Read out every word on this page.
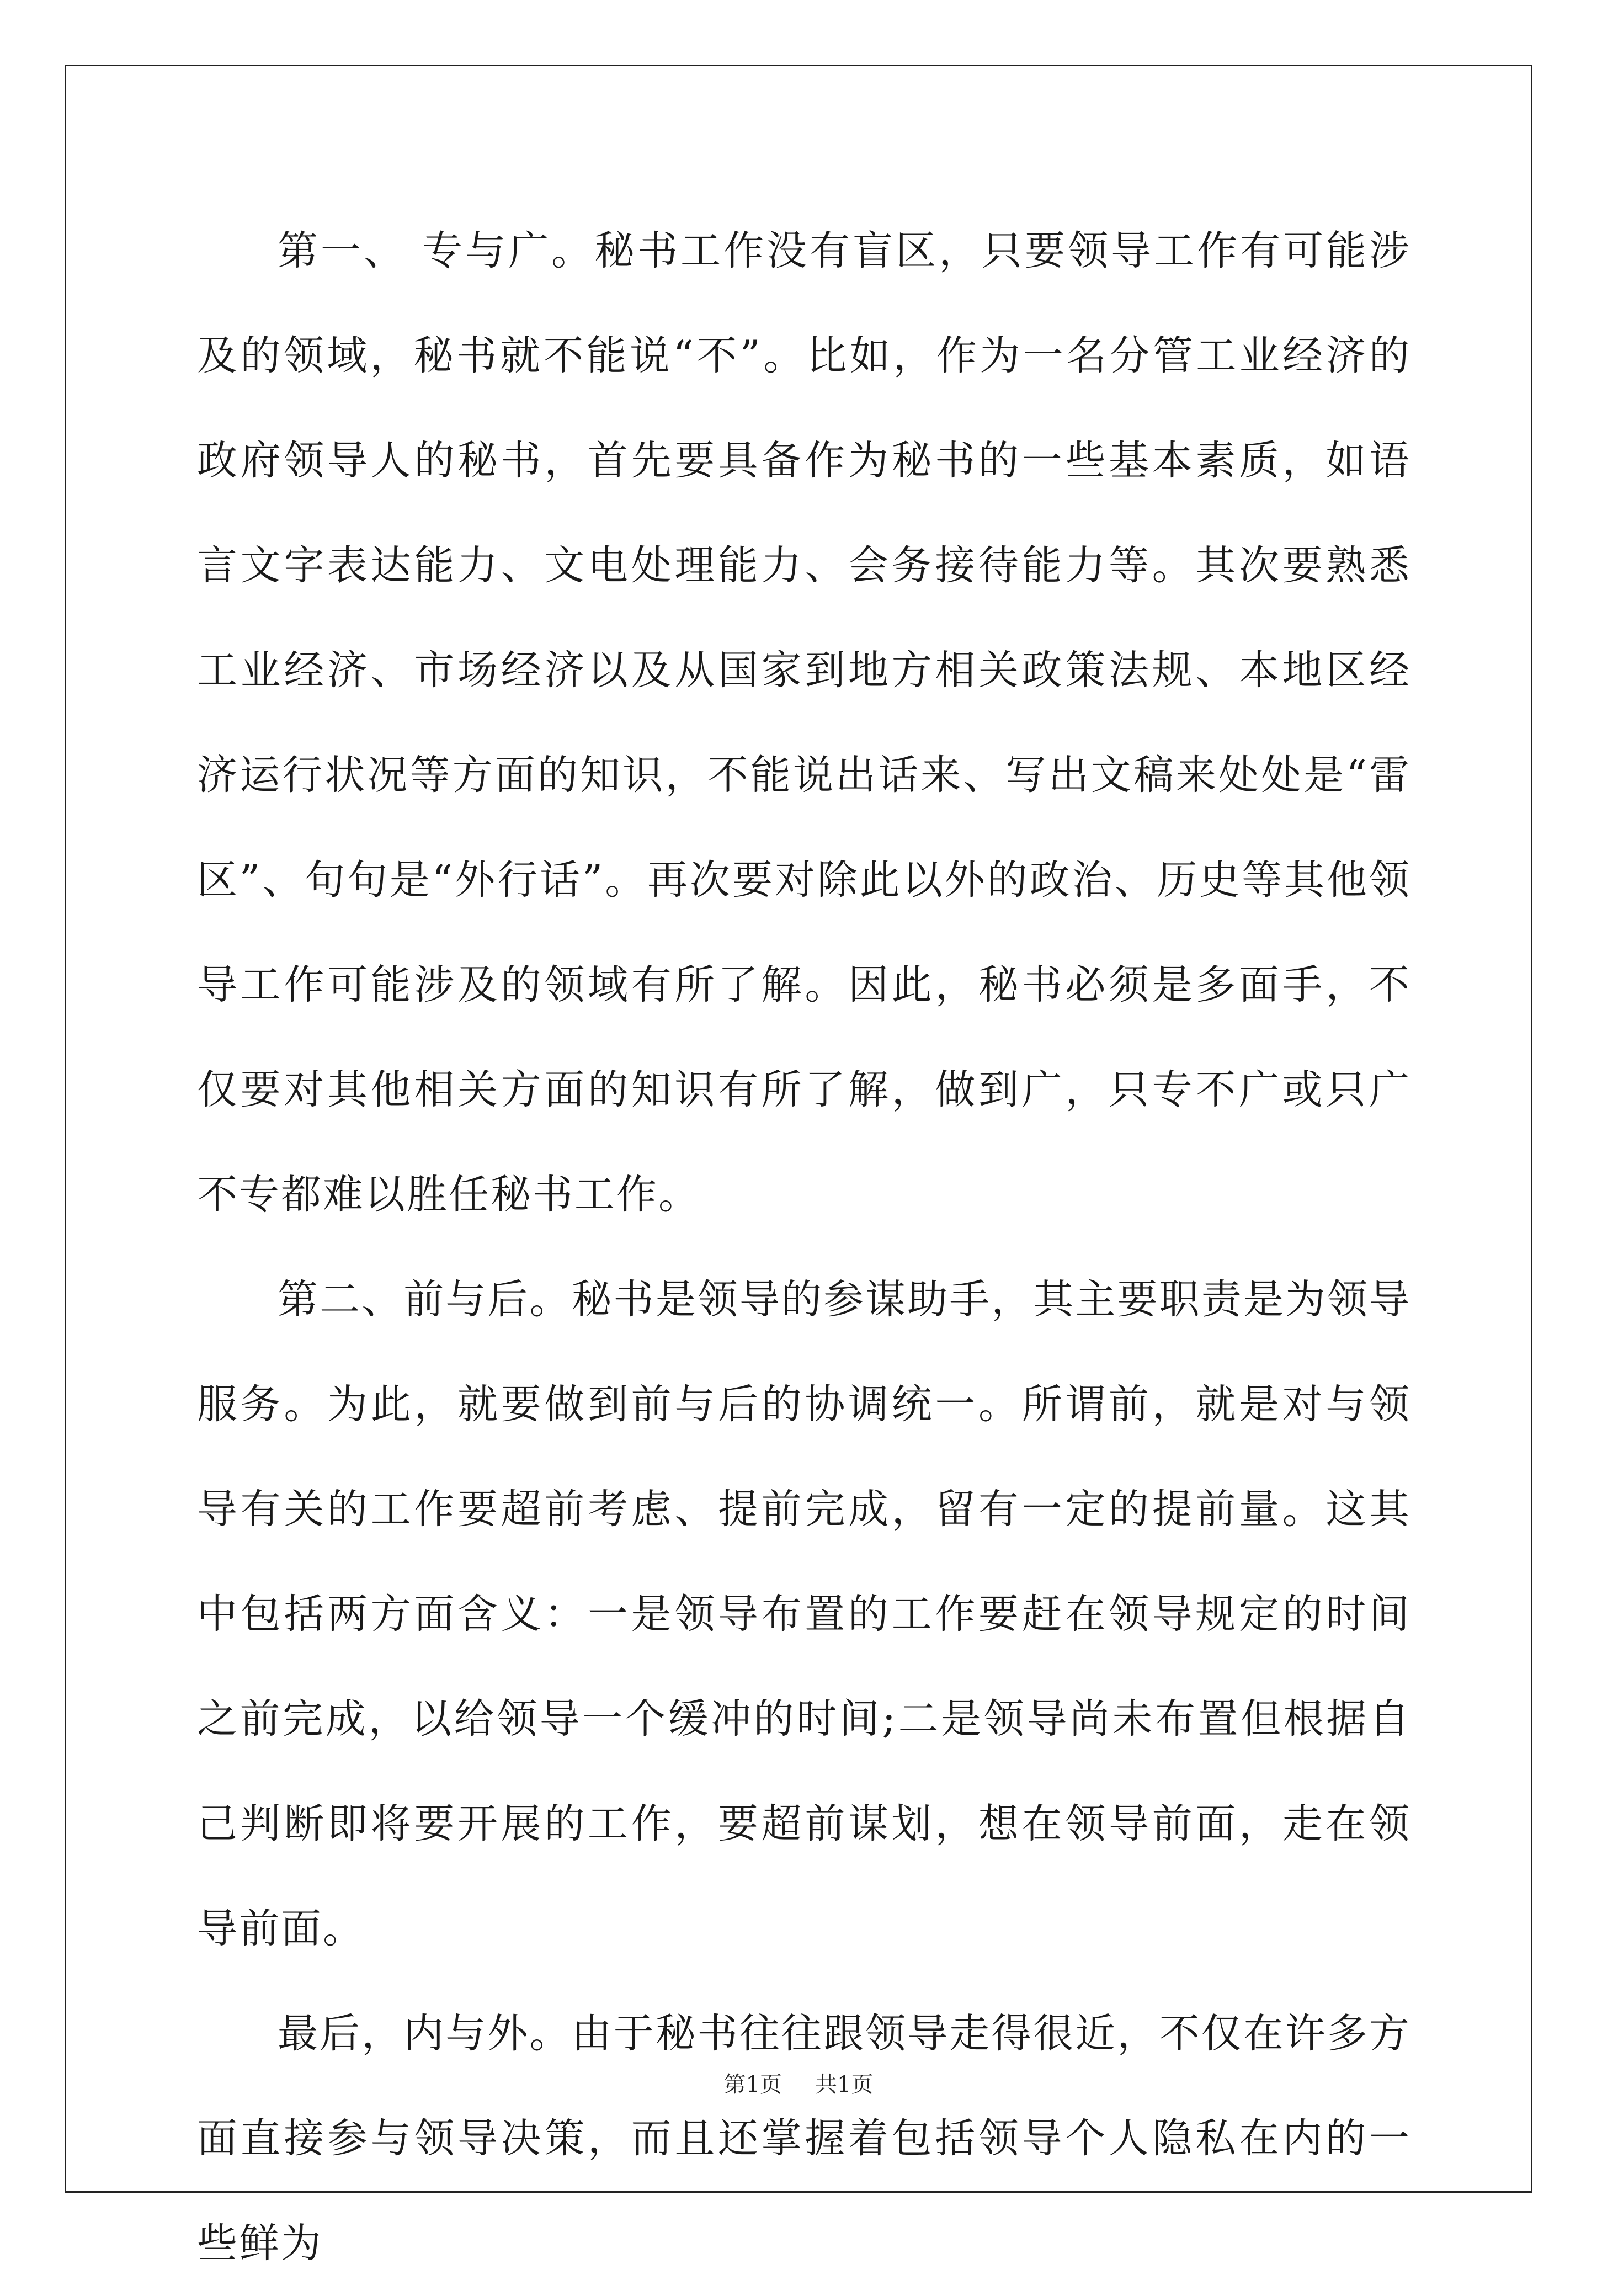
第一、 专与广。秘书工作没有盲区，只要领导工作有可能涉及的领域，秘书就不能说“不”。比如，作为一名分管工业经济的政府领导人的秘书，首先要具备作为秘书的一些基本素质，如语言文字表达能力、文电处理能力、会务接待能力等。其次要熟悉工业经济、市场经济以及从国家到地方相关政策法规、本地区经济运行状况等方面的知识，不能说出话来、写出文稿来处处是“雷区”、句句是“外行话”。再次要对除此以外的政治、历史等其他领导工作可能涉及的领域有所了解。因此，秘书必须是多面手，不仅要对其他相关方面的知识有所了解，做到广，只专不广或只广不专都难以胜任秘书工作。

第二、前与后。秘书是领导的参谋助手，其主要职责是为领导服务。为此，就要做到前与后的协调统一。所谓前，就是对与领导有关的工作要超前考虑、提前完成，留有一定的提前量。这其中包括两方面含义：一是领导布置的工作要赶在领导规定的时间之前完成，以给领导一个缓冲的时间;二是领导尚未布置但根据自己判断即将要开展的工作，要超前谋划，想在领导前面，走在领导前面。

最后，内与外。由于秘书往往跟领导走得很近，不仅在许多方面直接参与领导决策，而且还掌握着包括领导个人隐私在内的一些鲜为

第1页 共1页
